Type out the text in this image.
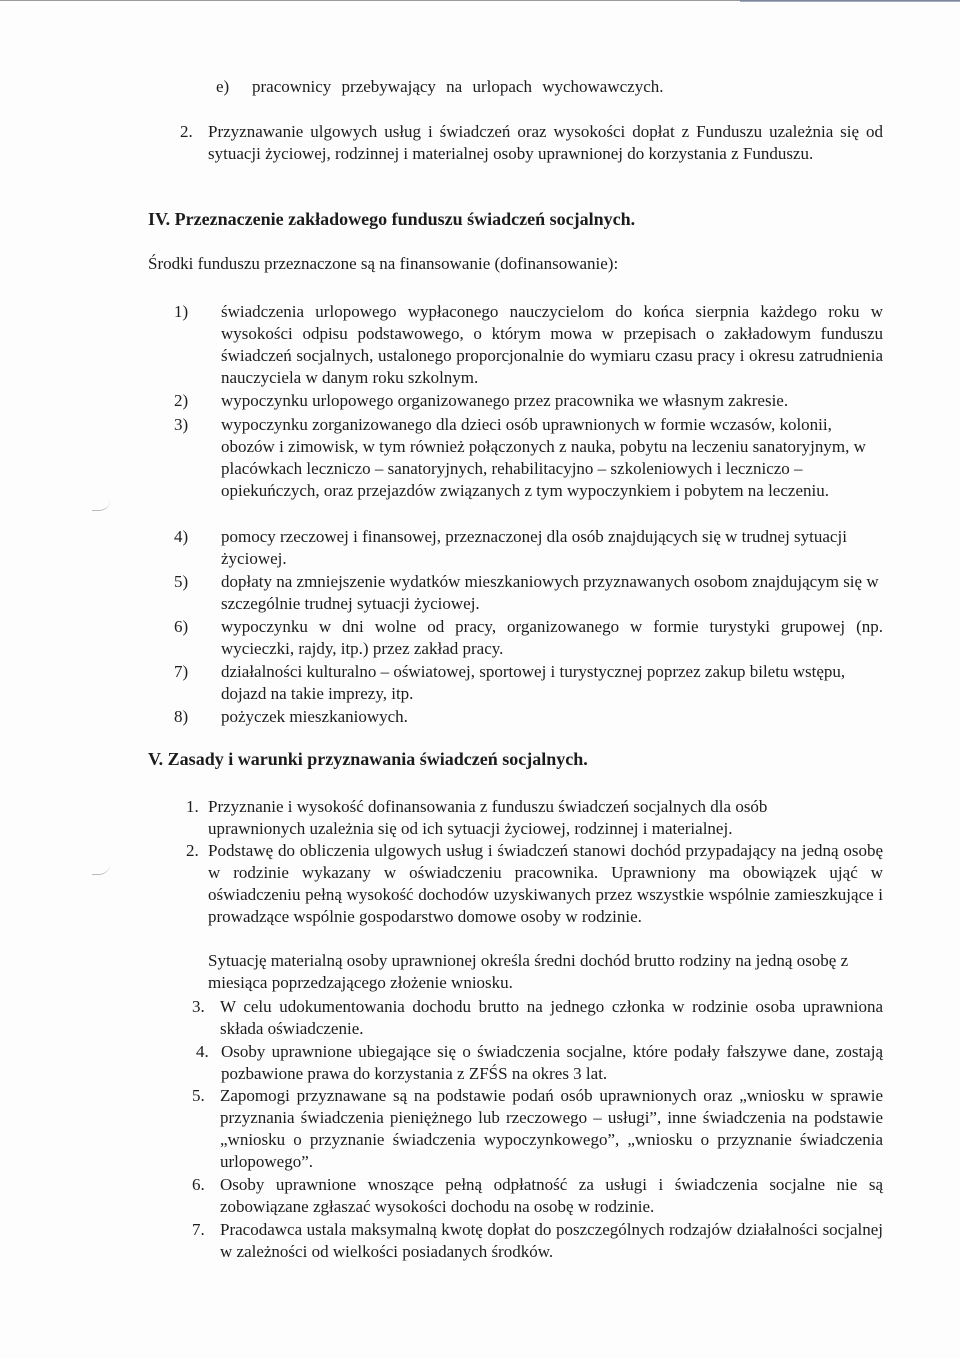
e) pracownicy przebywający na urlopach wychowawczych.

2. Przyznawanie ulgowych usług i świadczeń oraz wysokości dopłat z Funduszu uzależnia się od sytuacji życiowej, rodzinnej i materialnej osoby uprawnionej do korzystania z Funduszu.

IV. Przeznaczenie zakładowego funduszu świadczeń socjalnych.

Środki funduszu przeznaczone są na finansowanie (dofinansowanie):

1) świadczenia urlopowego wypłaconego nauczycielom do końca sierpnia każdego roku w wysokości odpisu podstawowego, o którym mowa w przepisach o zakładowym funduszu świadczeń socjalnych, ustalonego proporcjonalnie do wymiaru czasu pracy i okresu zatrudnienia nauczyciela w danym roku szkolnym.

2) wypoczynku urlopowego organizowanego przez pracownika we własnym zakresie.

3) wypoczynku zorganizowanego dla dzieci osób uprawnionych w formie wczasów, kolonii, obozów i zimowisk, w tym również połączonych z nauka, pobytu na leczeniu sanatoryjnym, w placówkach leczniczo – sanatoryjnych, rehabilitacyjno – szkoleniowych i leczniczo – opiekuńczych, oraz przejazdów związanych z tym wypoczynkiem i pobytem na leczeniu.

4) pomocy rzeczowej i finansowej, przeznaczonej dla osób znajdujących się w trudnej sytuacji życiowej.

5) dopłaty na zmniejszenie wydatków mieszkaniowych przyznawanych osobom znajdującym się w szczególnie trudnej sytuacji życiowej.

6) wypoczynku w dni wolne od pracy, organizowanego w formie turystyki grupowej (np. wycieczki, rajdy, itp.) przez zakład pracy.

7) działalności kulturalno – oświatowej, sportowej i turystycznej poprzez zakup biletu wstępu, dojazd na takie imprezy, itp.

8) pożyczek mieszkaniowych.

V. Zasady i warunki przyznawania świadczeń socjalnych.
1. Przyznanie i wysokość dofinansowania z funduszu świadczeń socjalnych dla osób uprawnionych uzależnia się od ich sytuacji życiowej, rodzinnej i materialnej.

2. Podstawę do obliczenia ulgowych usług i świadczeń stanowi dochód przypadający na jedną osobę w rodzinie wykazany w oświadczeniu pracownika. Uprawniony ma obowiązek ująć w oświadczeniu pełną wysokość dochodów uzyskiwanych przez wszystkie wspólnie zamieszkujące i prowadzące wspólnie gospodarstwo domowe osoby w rodzinie.

Sytuację materialną osoby uprawnionej określa średni dochód brutto rodziny na jedną osobę z miesiąca poprzedzającego złożenie wniosku.

3. W celu udokumentowania dochodu brutto na jednego członka w rodzinie osoba uprawniona składa oświadczenie.

4. Osoby uprawnione ubiegające się o świadczenia socjalne, które podały fałszywe dane, zostają pozbawione prawa do korzystania z ZFŚS na okres 3 lat.

5. Zapomogi przyznawane są na podstawie podań osób uprawnionych oraz „wniosku w sprawie przyznania świadczenia pieniężnego lub rzeczowego – usługi”, inne świadczenia na podstawie „wniosku o przyznanie świadczenia wypoczynkowego”, „wniosku o przyznanie świadczenia urlopowego”.

6. Osoby uprawnione wnoszące pełną odpłatność za usługi i świadczenia socjalne nie są zobowiązane zgłaszać wysokości dochodu na osobę w rodzinie.

7. Pracodawca ustala maksymalną kwotę dopłat do poszczególnych rodzajów działalności socjalnej w zależności od wielkości posiadanych środków.
